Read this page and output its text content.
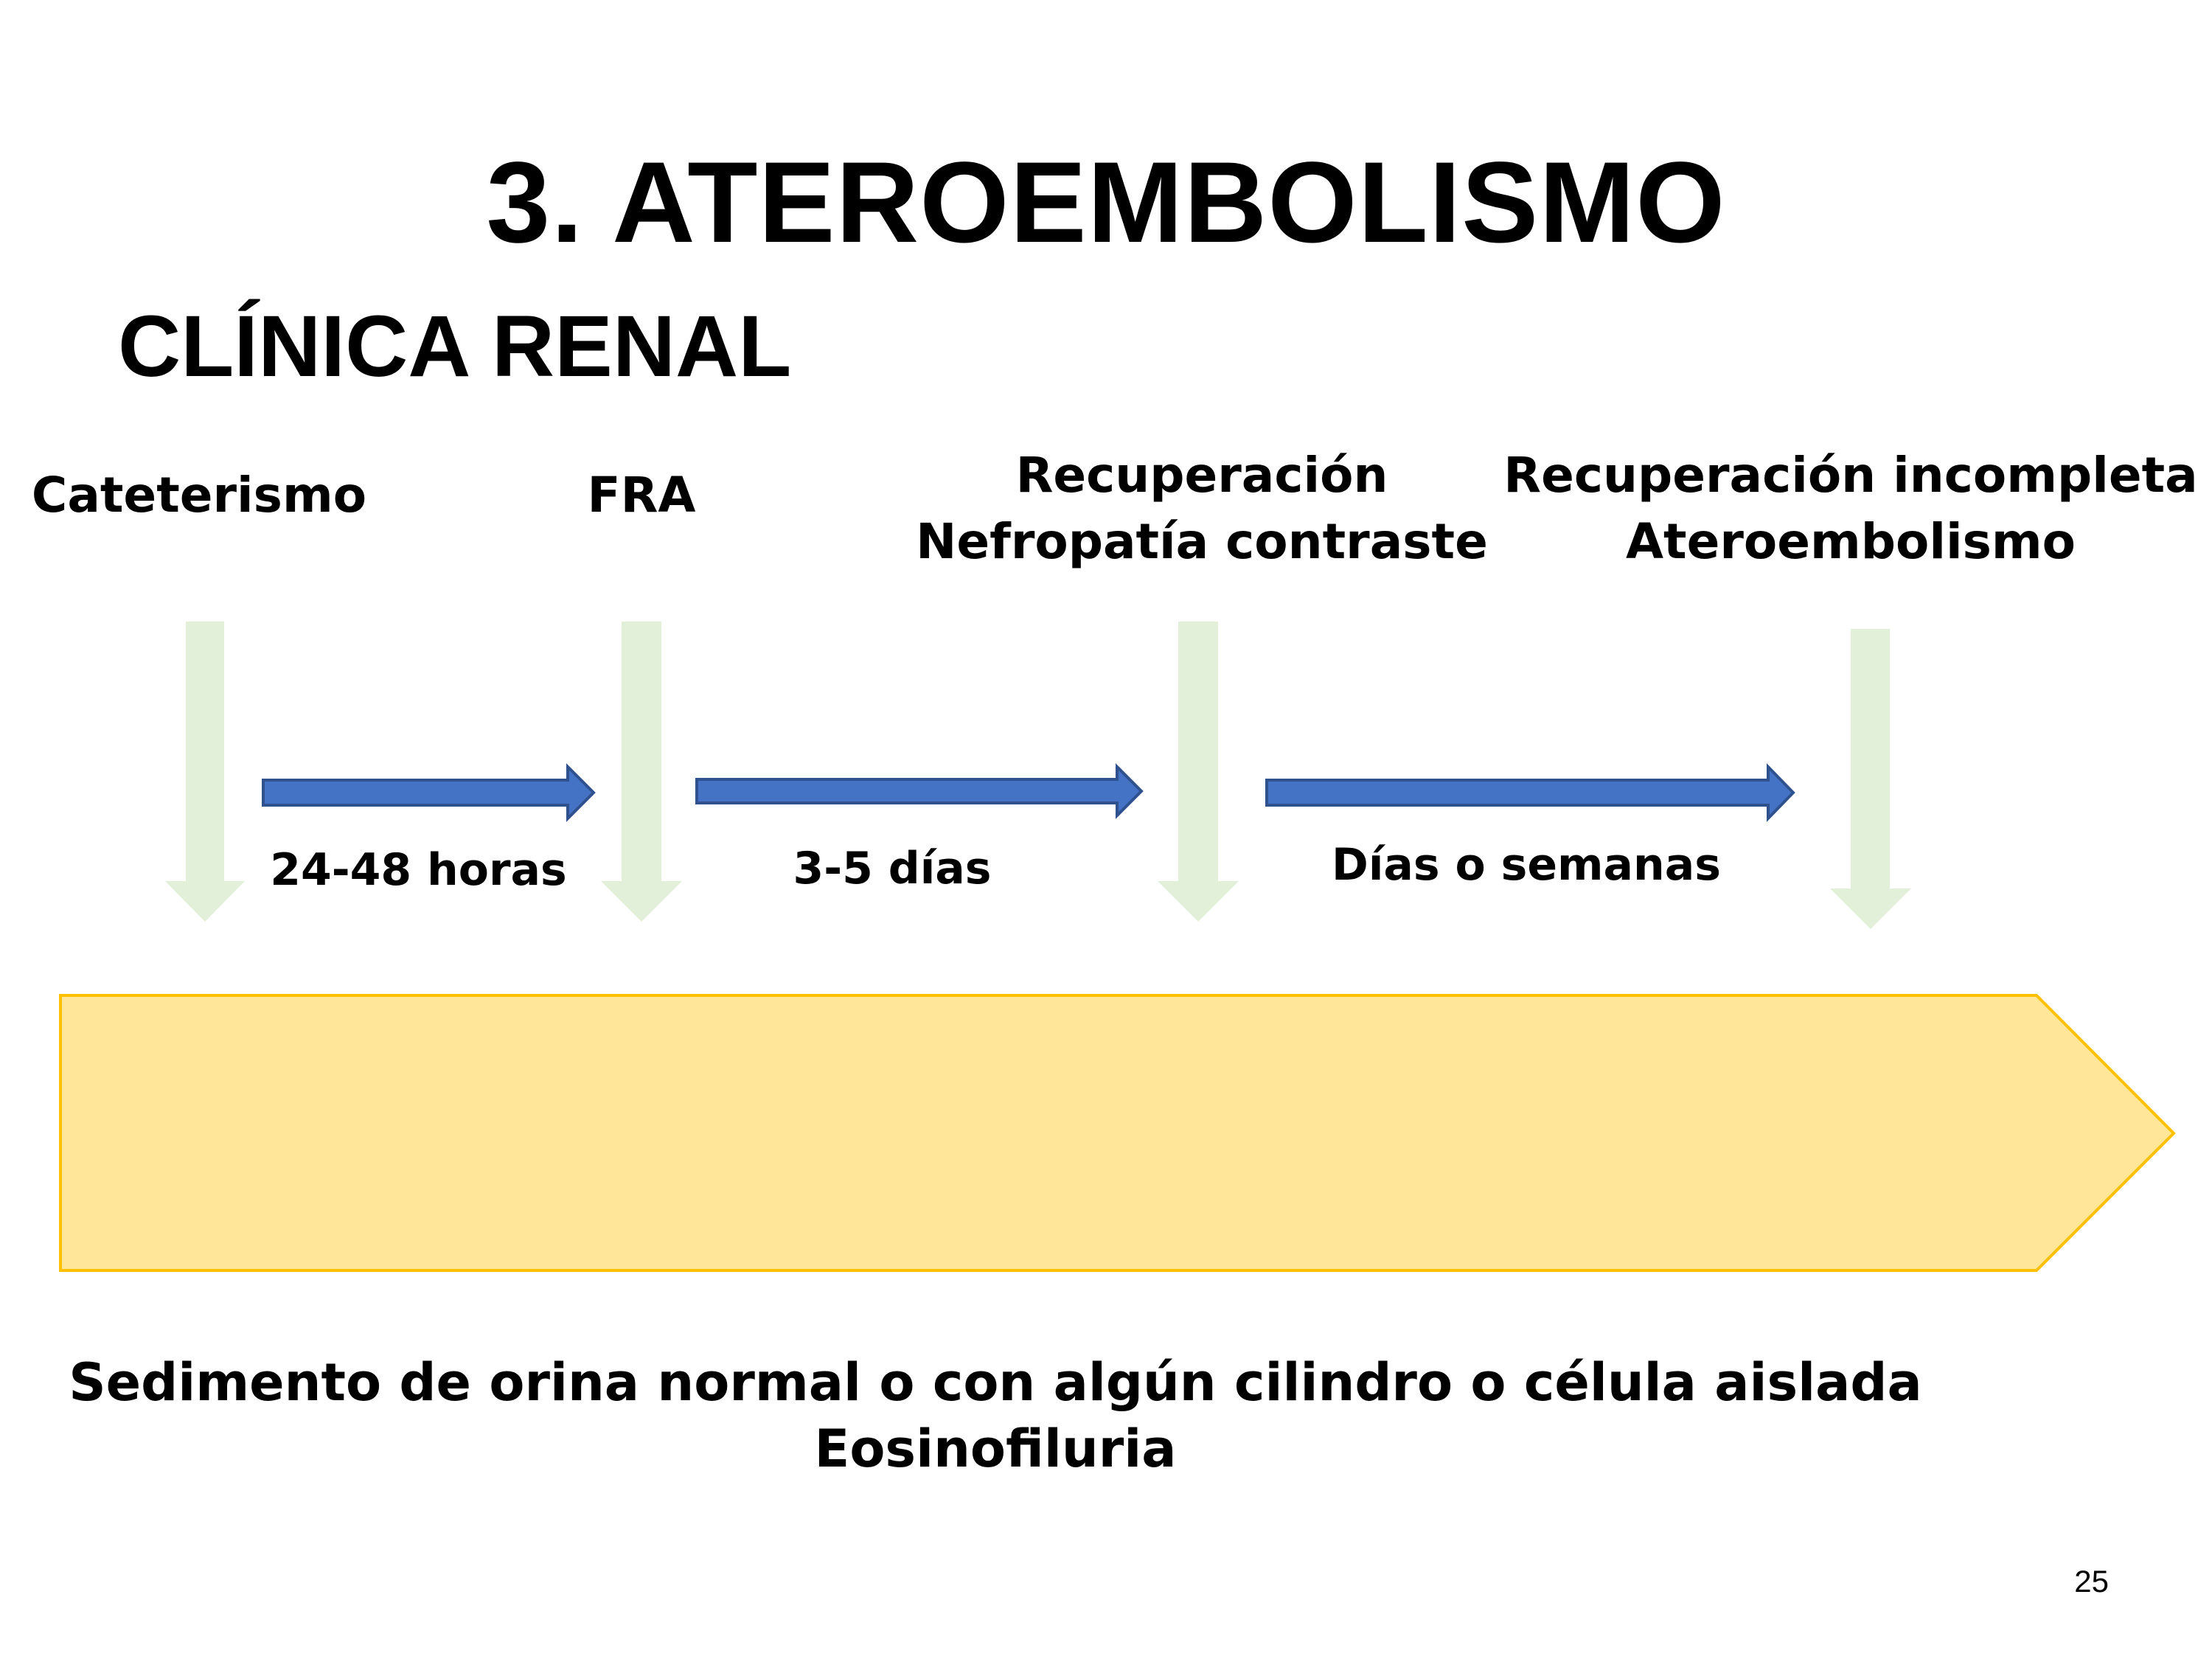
3. ATEROEMBOLISMO
CLÍNICA RENAL
Cateterismo	FRA	Recuperación
Nefropatía contraste
Recuperación incompleta
Ateroembolismo
24-48 horas	3-5 días	Días o semanas
Sedimento de orina normal o con algún cilindro o célula aislada
Eosinofiluria
25
